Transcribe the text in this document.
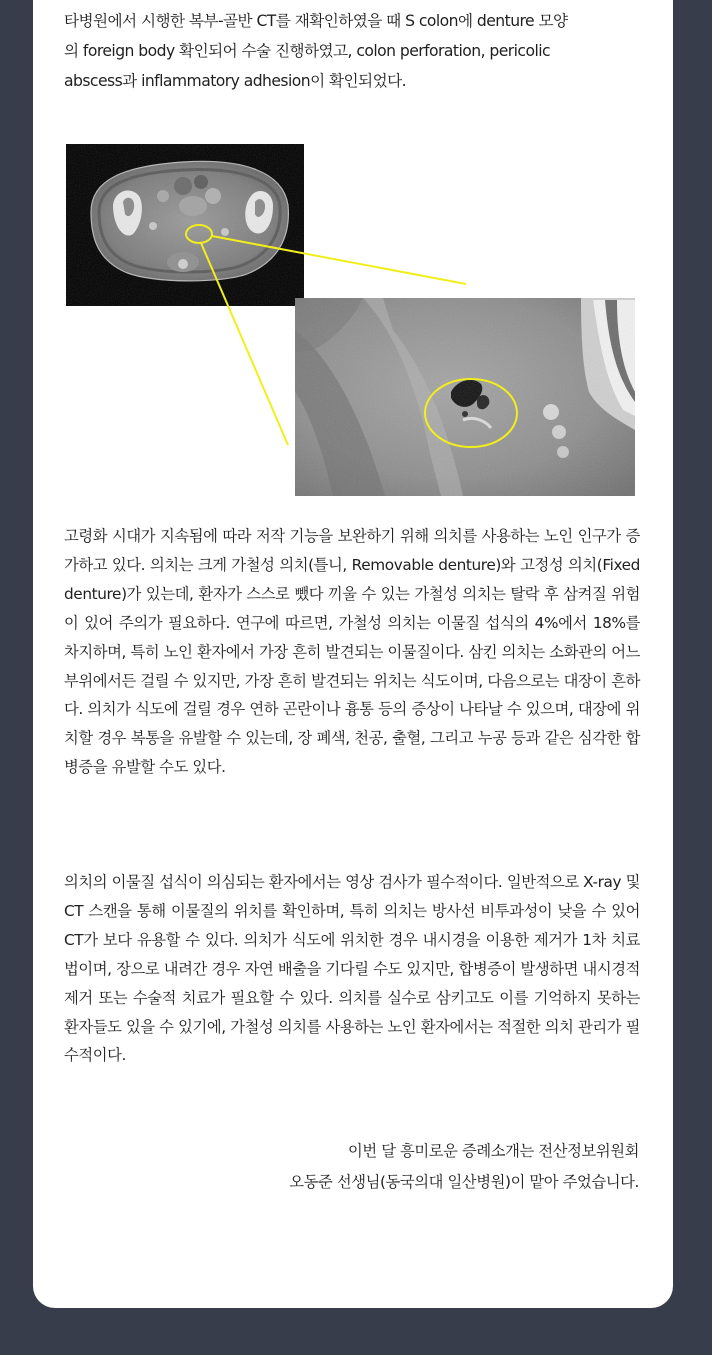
타병원에서 시행한 복부-골반 CT를 재확인하였을 때 S colon에 denture 모양
의 foreign body 확인되어 수술 진행하였고, colon perforation, pericolic
abscess과 inflammatory adhesion이 확인되었다.

고령화 시대가 지속됨에 따라 저작 기능을 보완하기 위해 의치를 사용하는 노인 인구가 증가하고 있다. 의치는 크게 가철성 의치(틀니, Removable denture)와 고정성 의치(Fixed denture)가 있는데, 환자가 스스로 뺐다 끼울 수 있는 가철성 의치는 탈락 후 삼켜질 위험이 있어 주의가 필요하다. 연구에 따르면, 가철성 의치는 이물질 섭식의 4%에서 18%를 차지하며, 특히 노인 환자에서 가장 흔히 발견되는 이물질이다. 삼킨 의치는 소화관의 어느 부위에서든 걸릴 수 있지만, 가장 흔히 발견되는 위치는 식도이며, 다음으로는 대장이 흔하다. 의치가 식도에 걸릴 경우 연하 곤란이나 흉통 등의 증상이 나타날 수 있으며, 대장에 위치할 경우 복통을 유발할 수 있는데, 장 폐색, 천공, 출혈, 그리고 누공 등과 같은 심각한 합병증을 유발할 수도 있다.

의치의 이물질 섭식이 의심되는 환자에서는 영상 검사가 필수적이다. 일반적으로 X-ray 및 CT 스캔을 통해 이물질의 위치를 확인하며, 특히 의치는 방사선 비투과성이 낮을 수 있어 CT가 보다 유용할 수 있다. 의치가 식도에 위치한 경우 내시경을 이용한 제거가 1차 치료법이며, 장으로 내려간 경우 자연 배출을 기다릴 수도 있지만, 합병증이 발생하면 내시경적 제거 또는 수술적 치료가 필요할 수 있다. 의치를 실수로 삼키고도 이를 기억하지 못하는 환자들도 있을 수 있기에, 가철성 의치를 사용하는 노인 환자에서는 적절한 의치 관리가 필수적이다.

이번 달 흥미로운 증례소개는 전산정보위원회
오동준 선생님(동국의대 일산병원)이 맡아 주었습니다.
